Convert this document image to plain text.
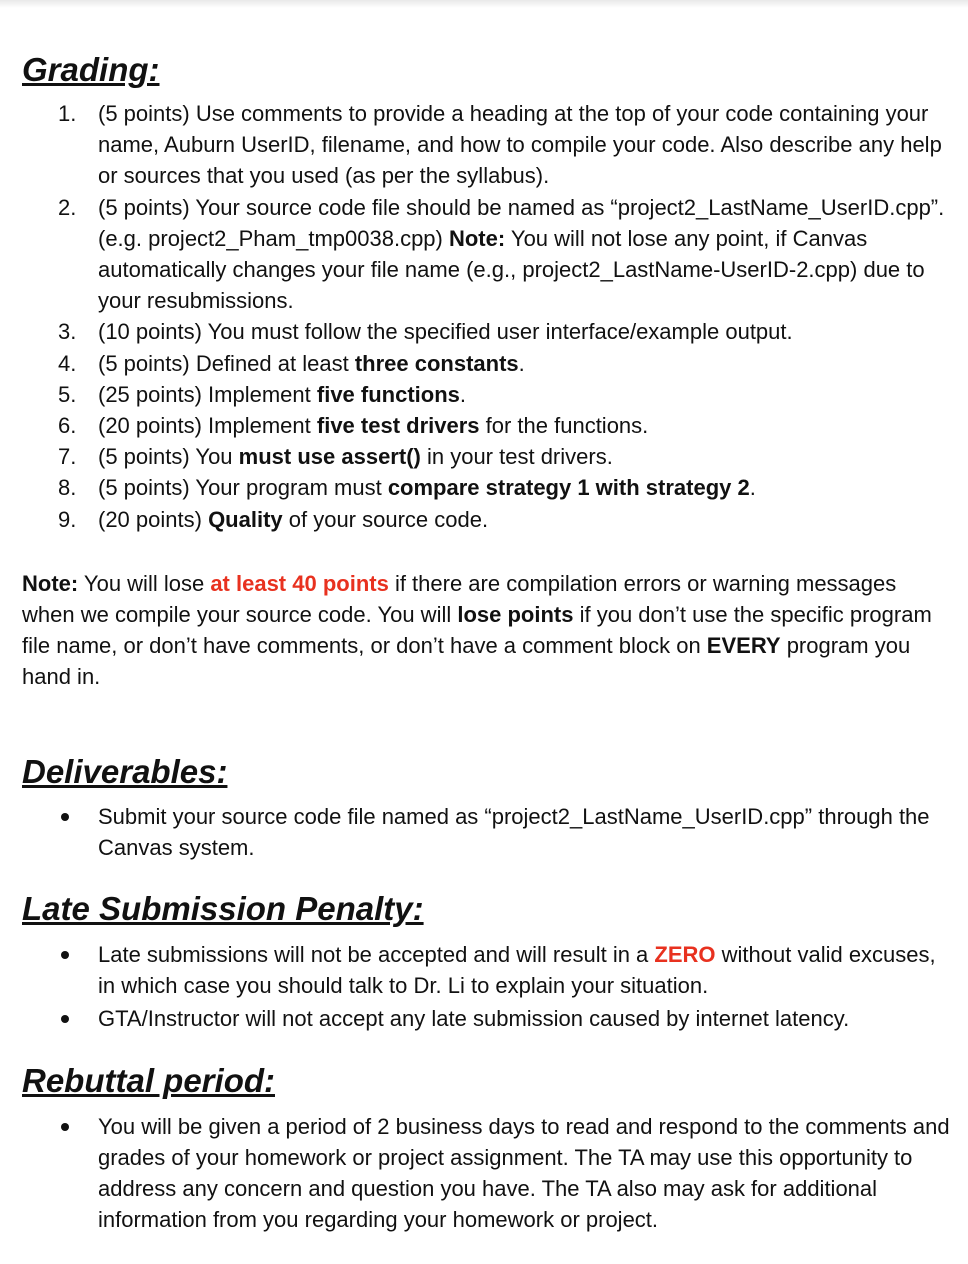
Grading:
1. (5 points) Use comments to provide a heading at the top of your code containing your name, Auburn UserID, filename, and how to compile your code. Also describe any help or sources that you used (as per the syllabus).
2. (5 points) Your source code file should be named as “project2_LastName_UserID.cpp”. (e.g. project2_Pham_tmp0038.cpp) Note: You will not lose any point, if Canvas automatically changes your file name (e.g., project2_LastName-UserID-2.cpp) due to your resubmissions.
3. (10 points) You must follow the specified user interface/example output.
4. (5 points) Defined at least three constants.
5. (25 points) Implement five functions.
6. (20 points) Implement five test drivers for the functions.
7. (5 points) You must use assert() in your test drivers.
8. (5 points) Your program must compare strategy 1 with strategy 2.
9. (20 points) Quality of your source code.

Note: You will lose at least 40 points if there are compilation errors or warning messages when we compile your source code. You will lose points if you don’t use the specific program file name, or don’t have comments, or don’t have a comment block on EVERY program you hand in.

Deliverables:
Submit your source code file named as “project2_LastName_UserID.cpp” through the Canvas system.
Late Submission Penalty:
Late submissions will not be accepted and will result in a ZERO without valid excuses, in which case you should talk to Dr. Li to explain your situation.
GTA/Instructor will not accept any late submission caused by internet latency.
Rebuttal period:
You will be given a period of 2 business days to read and respond to the comments and grades of your homework or project assignment. The TA may use this opportunity to address any concern and question you have. The TA also may ask for additional information from you regarding your homework or project.
